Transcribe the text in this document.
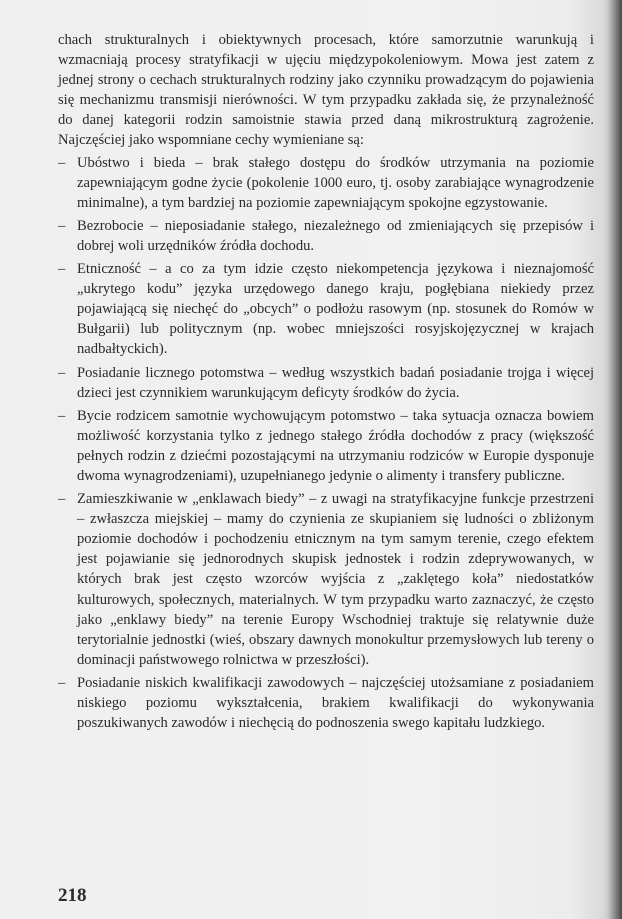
chach strukturalnych i obiektywnych procesach, które samorzutnie warunkują i wzmacniają procesy stratyfikacji w ujęciu międzypokoleniowym. Mowa jest zatem z jednej strony o cechach strukturalnych rodziny jako czynniku prowadzącym do pojawienia się mechanizmu transmisji nierówności. W tym przypadku zakłada się, że przynależność do danej kategorii rodzin samoistnie stawia przed daną mikrostrukturą zagrożenie. Najczęściej jako wspomniane cechy wymieniane są:

– Ubóstwo i bieda – brak stałego dostępu do środków utrzymania na poziomie zapewniającym godne życie (pokolenie 1000 euro, tj. osoby zarabiające wynagrodzenie minimalne), a tym bardziej na poziomie zapewniającym spokojne egzystowanie.
– Bezrobocie – nieposiadanie stałego, niezależnego od zmieniających się przepisów i dobrej woli urzędników źródła dochodu.
– Etniczność – a co za tym idzie często niekompetencja językowa i nieznajomość „ukrytego kodu” języka urzędowego danego kraju, pogłębiana niekiedy przez pojawiającą się niechęć do „obcych” o podłożu rasowym (np. stosunek do Romów w Bułgarii) lub politycznym (np. wobec mniejszości rosyjskojęzycznej w krajach nadbałtyckich).
– Posiadanie licznego potomstwa – według wszystkich badań posiadanie trojga i więcej dzieci jest czynnikiem warunkującym deficyty środków do życia.
– Bycie rodzicem samotnie wychowującym potomstwo – taka sytuacja oznacza bowiem możliwość korzystania tylko z jednego stałego źródła dochodów z pracy (większość pełnych rodzin z dziećmi pozostającymi na utrzymaniu rodziców w Europie dysponuje dwoma wynagrodzeniami), uzupełnianego jedynie o alimenty i transfery publiczne.
– Zamieszkiwanie w „enklawach biedy” – z uwagi na stratyfikacyjne funkcje przestrzeni – zwłaszcza miejskiej – mamy do czynienia ze skupianiem się ludności o zbliżonym poziomie dochodów i pochodzeniu etnicznym na tym samym terenie, czego efektem jest pojawianie się jednorodnych skupisk jednostek i rodzin zdeprywowanych, w których brak jest często wzorców wyjścia z „zaklętego koła” niedostatków kulturowych, społecznych, materialnych. W tym przypadku warto zaznaczyć, że często jako „enklawy biedy” na terenie Europy Wschodniej traktuje się relatywnie duże terytorialnie jednostki (wieś, obszary dawnych monokultur przemysłowych lub tereny o dominacji państwowego rolnictwa w przeszłości).
– Posiadanie niskich kwalifikacji zawodowych – najczęściej utożsamiane z posiadaniem niskiego poziomu wykształcenia, brakiem kwalifikacji do wykonywania poszukiwanych zawodów i niechęcią do podnoszenia swego kapitału ludzkiego.
218
